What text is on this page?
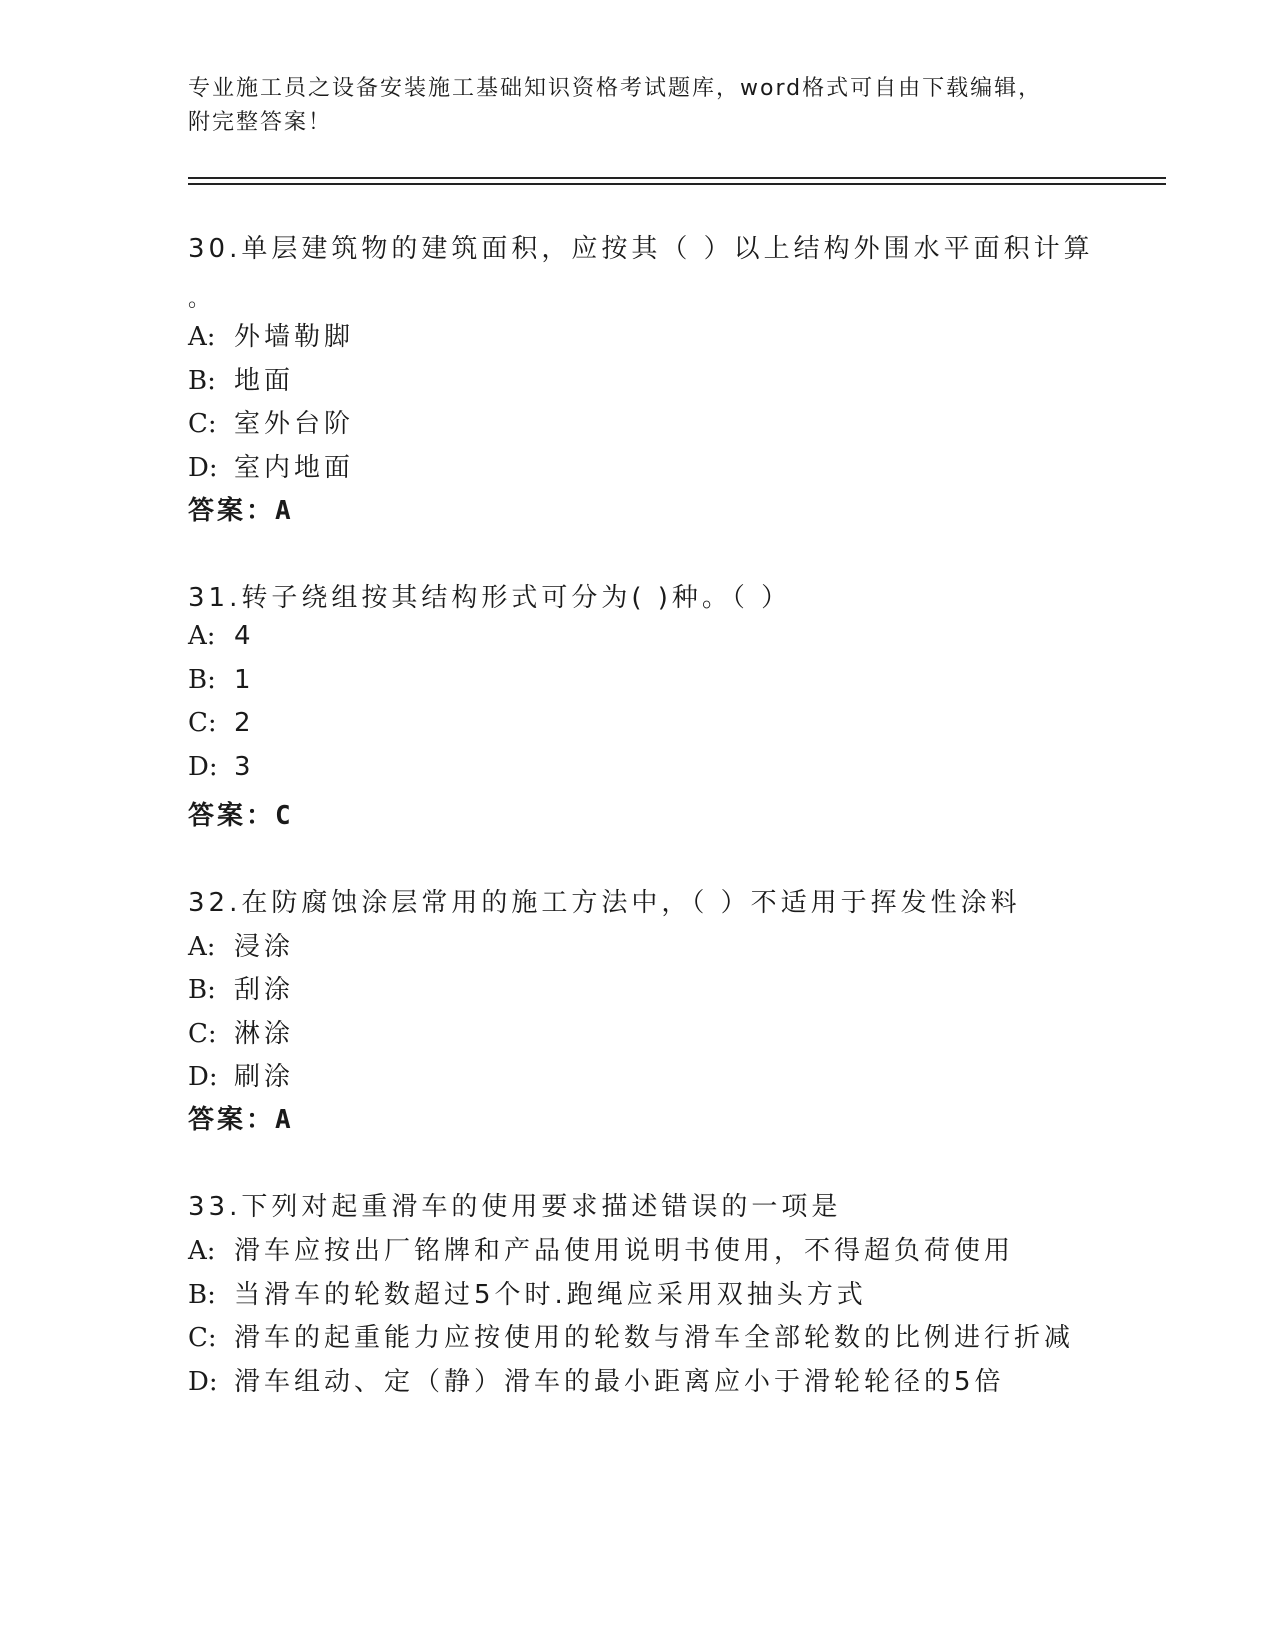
专业施工员之设备安装施工基础知识资格考试题库，word格式可自由下载编辑，
附完整答案！
30.单层建筑物的建筑面积，应按其（ ）以上结构外围水平面积计算
。
A: 外墙勒脚
B: 地面
C: 室外台阶
D: 室内地面
答案：A
31.转子绕组按其结构形式可分为( )种。（ ）
A: 4
B: 1
C: 2
D: 3
答案：C
32.在防腐蚀涂层常用的施工方法中，（ ）不适用于挥发性涂料
A: 浸涂
B: 刮涂
C: 淋涂
D: 刷涂
答案：A
33.下列对起重滑车的使用要求描述错误的一项是
A: 滑车应按出厂铭牌和产品使用说明书使用，不得超负荷使用
B: 当滑车的轮数超过5个时.跑绳应采用双抽头方式
C: 滑车的起重能力应按使用的轮数与滑车全部轮数的比例进行折减
D: 滑车组动、定（静）滑车的最小距离应小于滑轮轮径的5倍
